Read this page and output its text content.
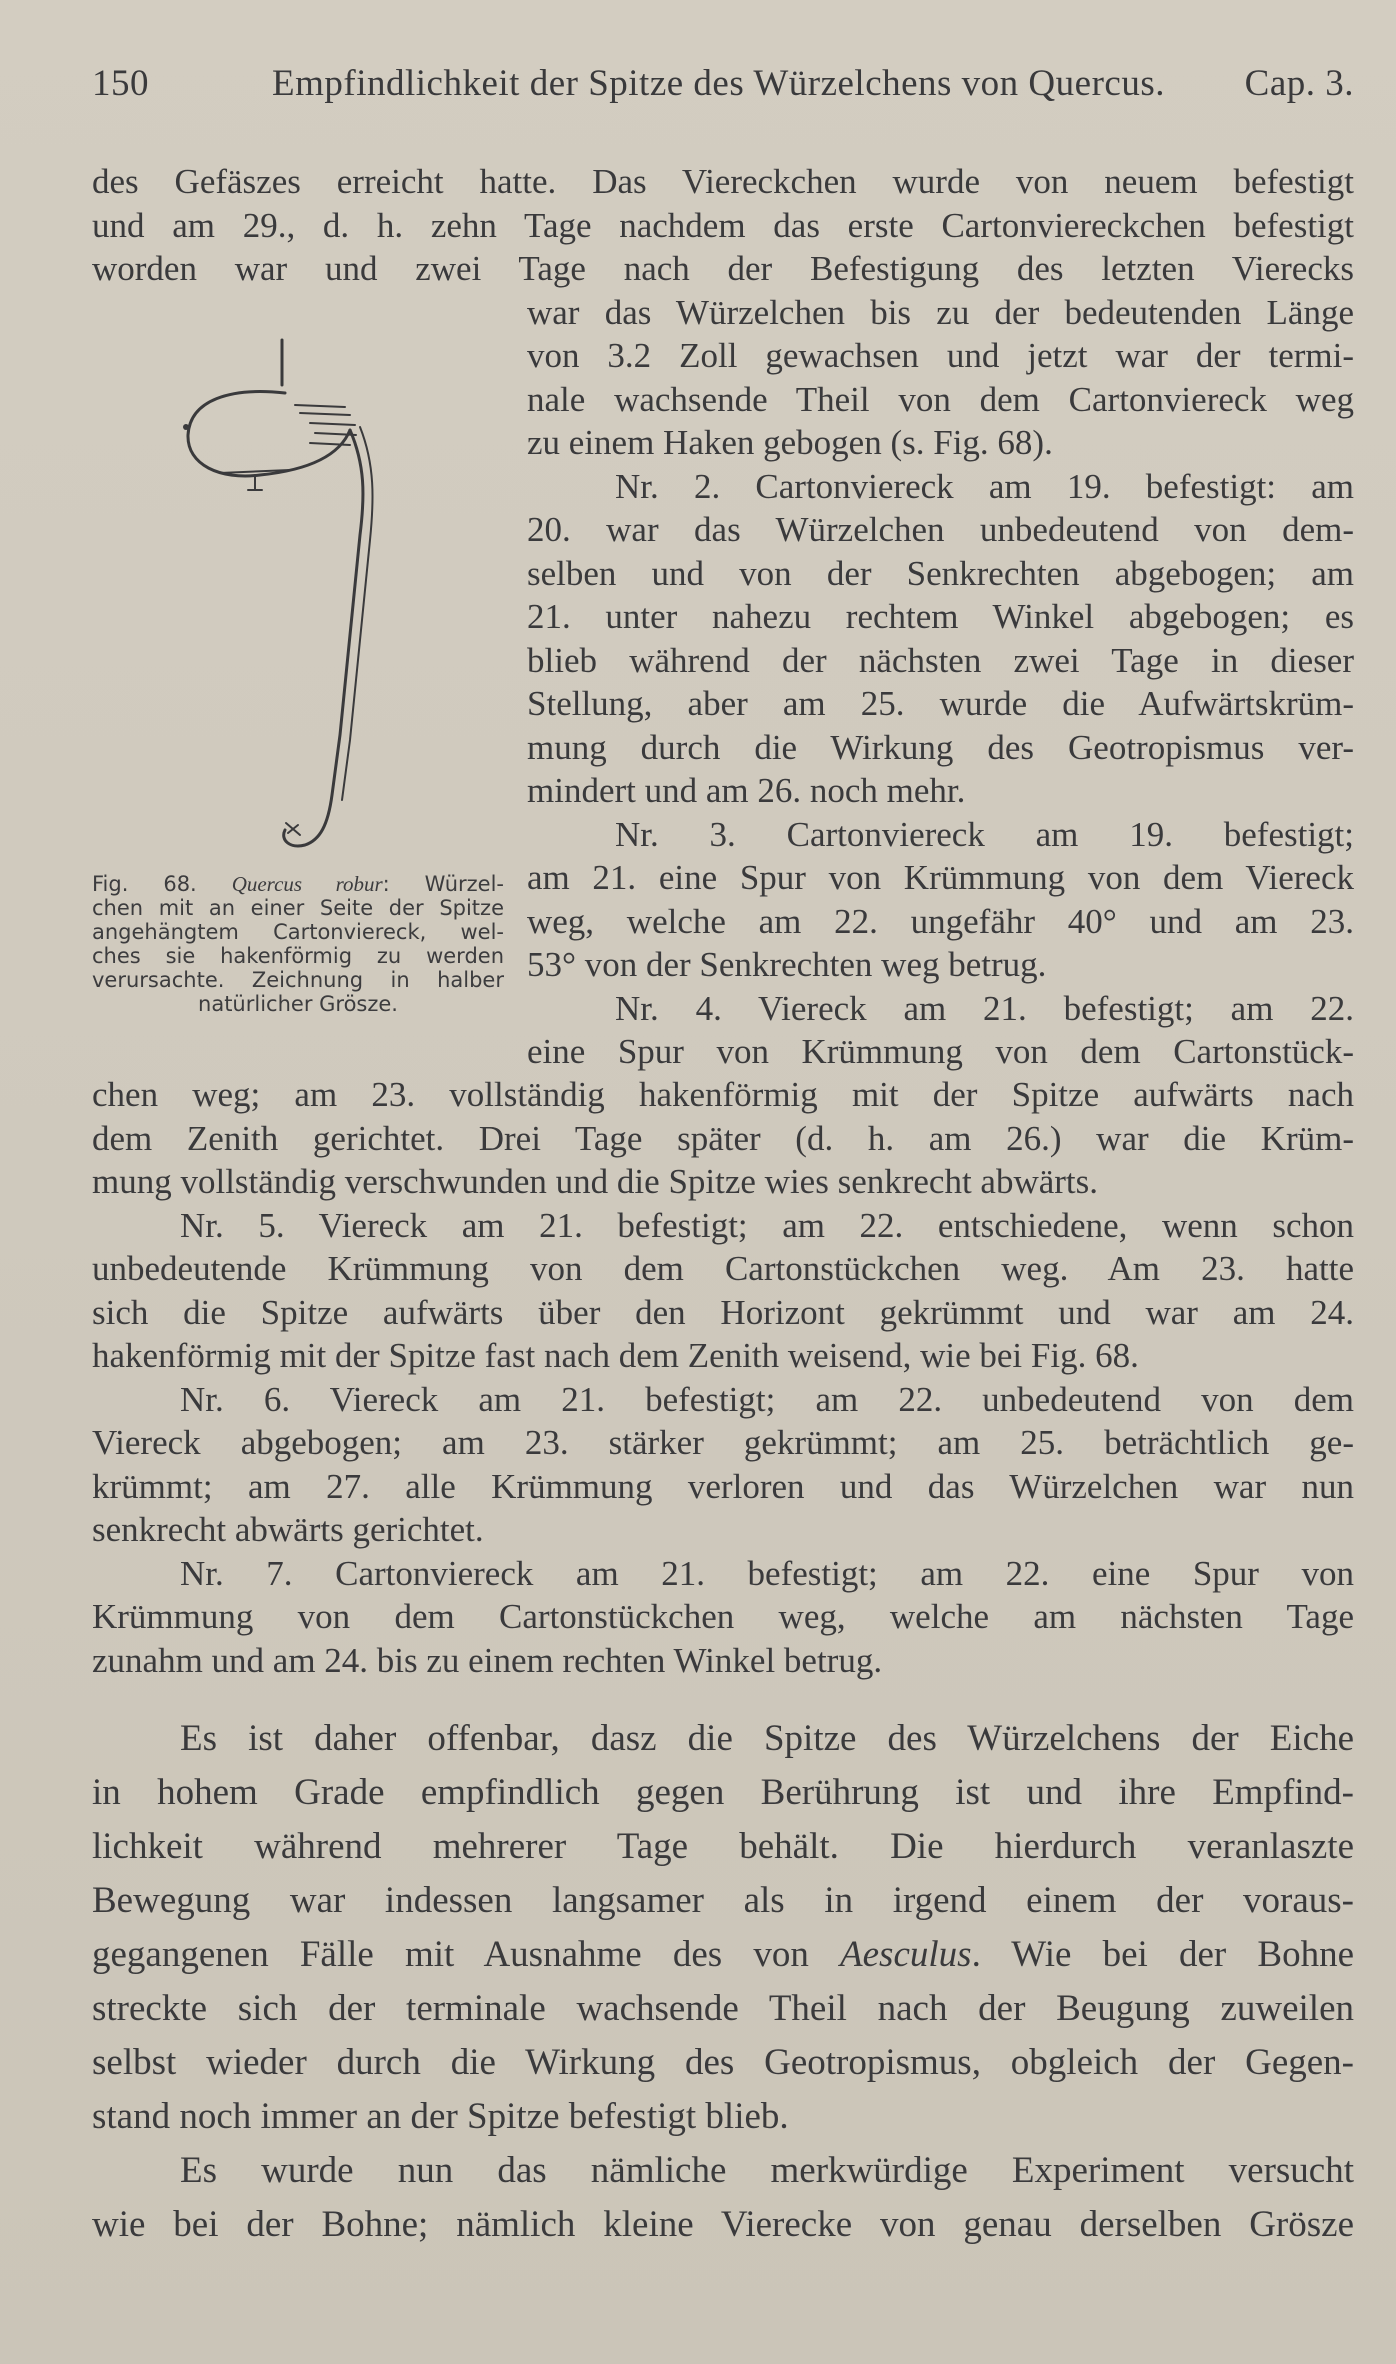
150	Empfindlichkeit der Spitze des Würzelchens von Quercus. Cap. 3.
des Gefäszes erreicht hatte. Das Viereckchen wurde von neuem befestigt
und am 29., d. h. zehn Tage nachdem das erste Cartonviereckchen befestigt
worden war und zwei Tage nach der Befestigung des letzten Vierecks
Fig. 68. Quercus robur: Würzel-
chen mit an einer Seite der Spitze
angehängtem Cartonviereck, wel-
ches sie hakenförmig zu werden
verursachte. Zeichnung in halber
natürlicher Grösze.
war das Würzelchen bis zu der bedeutenden Länge
von 3.2 Zoll gewachsen und jetzt war der termi-
nale wachsende Theil von dem Cartonviereck weg
zu einem Haken gebogen (s. Fig. 68).
Nr. 2. Cartonviereck am 19. befestigt: am
20. war das Würzelchen unbedeutend von dem-
selben und von der Senkrechten abgebogen; am
21. unter nahezu rechtem Winkel abgebogen; es
blieb während der nächsten zwei Tage in dieser
Stellung, aber am 25. wurde die Aufwärtskrüm-
mung durch die Wirkung des Geotropismus ver-
mindert und am 26. noch mehr.
Nr. 3. Cartonviereck am 19. befestigt;
am 21. eine Spur von Krümmung von dem Viereck
weg, welche am 22. ungefähr 40° und am 23.
53° von der Senkrechten weg betrug.
Nr. 4. Viereck am 21. befestigt; am 22.
eine Spur von Krümmung von dem Cartonstück-
chen weg; am 23. vollständig hakenförmig mit der Spitze aufwärts nach
dem Zenith gerichtet. Drei Tage später (d. h. am 26.) war die Krüm-
mung vollständig verschwunden und die Spitze wies senkrecht abwärts.
Nr. 5. Viereck am 21. befestigt; am 22. entschiedene, wenn schon
unbedeutende Krümmung von dem Cartonstückchen weg. Am 23. hatte
sich die Spitze aufwärts über den Horizont gekrümmt und war am 24.
hakenförmig mit der Spitze fast nach dem Zenith weisend, wie bei Fig. 68.
Nr. 6. Viereck am 21. befestigt; am 22. unbedeutend von dem
Viereck abgebogen; am 23. stärker gekrümmt; am 25. beträchtlich ge-
krümmt; am 27. alle Krümmung verloren und das Würzelchen war nun
senkrecht abwärts gerichtet.
Nr. 7. Cartonviereck am 21. befestigt; am 22. eine Spur von
Krümmung von dem Cartonstückchen weg, welche am nächsten Tage
zunahm und am 24. bis zu einem rechten Winkel betrug.
Es ist daher offenbar, dasz die Spitze des Würzelchens der Eiche
in hohem Grade empfindlich gegen Berührung ist und ihre Empfind-
lichkeit während mehrerer Tage behält. Die hierdurch veranlaszte
Bewegung war indessen langsamer als in irgend einem der voraus-
gegangenen Fälle mit Ausnahme des von Aesculus. Wie bei der Bohne
streckte sich der terminale wachsende Theil nach der Beugung zuweilen
selbst wieder durch die Wirkung des Geotropismus, obgleich der Gegen-
stand noch immer an der Spitze befestigt blieb.
Es wurde nun das nämliche merkwürdige Experiment versucht
wie bei der Bohne; nämlich kleine Vierecke von genau derselben Grösze
